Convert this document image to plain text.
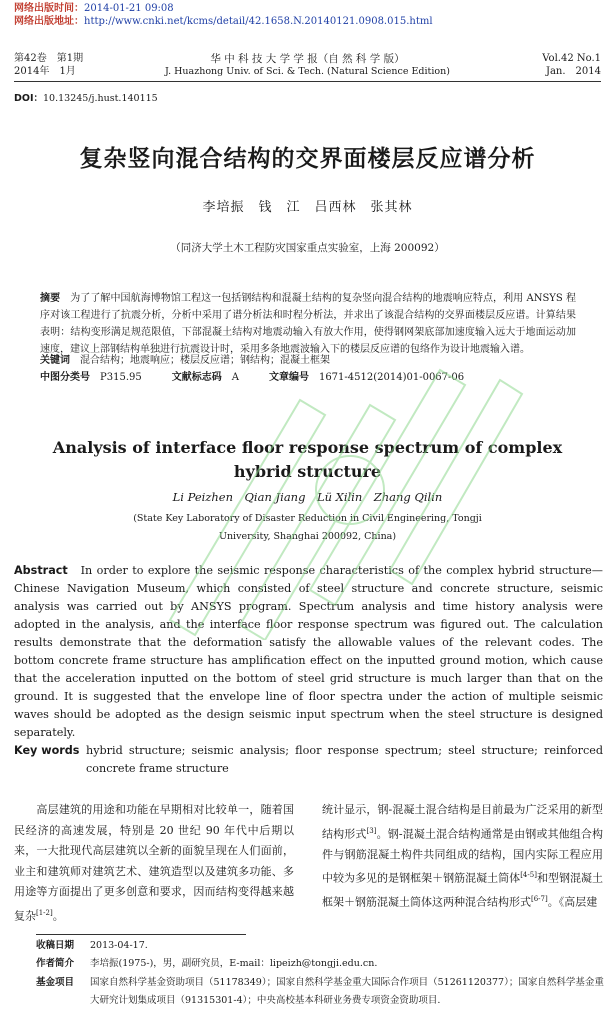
网络出版时间：2014-01-21 09:08
网络出版地址：http://www.cnki.net/kcms/detail/42.1658.N.20140121.0908.015.html
第42卷　第1期
2014年　1月
华 中 科 技 大 学 学 报（自 然 科 学 版）
J. Huazhong Univ. of Sci. & Tech. (Natural Science Edition)
Vol.42 No.1
Jan.　2014
DOI：10.13245/j.hust.140115
复杂竖向混合结构的交界面楼层反应谱分析
李培振　钱　江　吕西林　张其林
（同济大学土木工程防灾国家重点实验室，上海 200092）
摘要　 为了了解中国航海博物馆工程这一包括钢结构和混凝土结构的复杂竖向混合结构的地震响应特点，利用 ANSYS 程序对该工程进行了抗震分析，分析中采用了谱分析法和时程分析法，并求出了该混合结构的交界面楼层反应谱。计算结果表明：结构变形满足规范限值，下部混凝土结构对地震动输入有放大作用，使得钢网架底部加速度输入远大于地面运动加速度，建议上部钢结构单独进行抗震设计时，采用多条地震波输入下的楼层反应谱的包络作为设计地震输入谱。
关键词　 混合结构；地震响应；楼层反应谱；钢结构；混凝土框架
中图分类号　 P315.95　　　	文献标志码　 A　　　	文章编号　 1671-4512(2014)01-0067-06
Analysis of interface floor response spectrum of complex
hybrid structure
Li Peizhen　Qian Jiang　Lü Xilin　Zhang Qilin
(State Key Laboratory of Disaster Reduction in Civil Engineering, Tongji
University, Shanghai 200092, China)
Abstract　 In order to explore the seismic response characteristics of the complex hybrid structure—Chinese Navigation Museum, which consisted of steel structure and concrete structure, seismic analysis was carried out by ANSYS program. Spectrum analysis and time history analysis were adopted in the analysis, and the interface floor response spectrum was figured out. The calculation results demonstrate that the deformation satisfy the allowable values of the relevant codes. The bottom concrete frame structure has amplification effect on the inputted ground motion, which cause that the acceleration inputted on the bottom of steel grid structure is much larger than that on the ground. It is suggested that the envelope line of floor spectra under the action of multiple seismic waves should be adopted as the design seismic input spectrum when the steel structure is designed separately.
Key words hybrid structure; seismic analysis; floor response spectrum; steel structure; reinforced concrete frame structure
　　高层建筑的用途和功能在早期相对比较单一，随着国民经济的高速发展，特别是 20 世纪 90 年代中后期以来，一大批现代高层建筑以全新的面貌呈现在人们面前，业主和建筑师对建筑艺术、建筑造型以及建筑多功能、多用途等方面提出了更多创意和要求，因而结构变得越来越复杂[1-2]。
统计显示，钢-混凝土混合结构是目前最为广泛采用的新型结构形式[3]。钢-混凝土混合结构通常是由钢或其他组合构件与钢筋混凝土构件共同组成的结构，国内实际工程应用中较为多见的是钢框架＋钢筋混凝土筒体[4-5]和型钢混凝土框架＋钢筋混凝土筒体这两种混合结构形式[6-7]。《高层建
收稿日期 2013-04-17.
作者简介 李培振(1975-)，男，副研究员，E-mail：lipeizh@tongji.edu.cn.
基金项目	国家自然科学基金资助项目（51178349）；国家自然科学基金重大国际合作项目（51261120377）；国家自然科学基金重大研究计划集成项目（91315301-4）；中央高校基本科研业务费专项资金资助项目.
